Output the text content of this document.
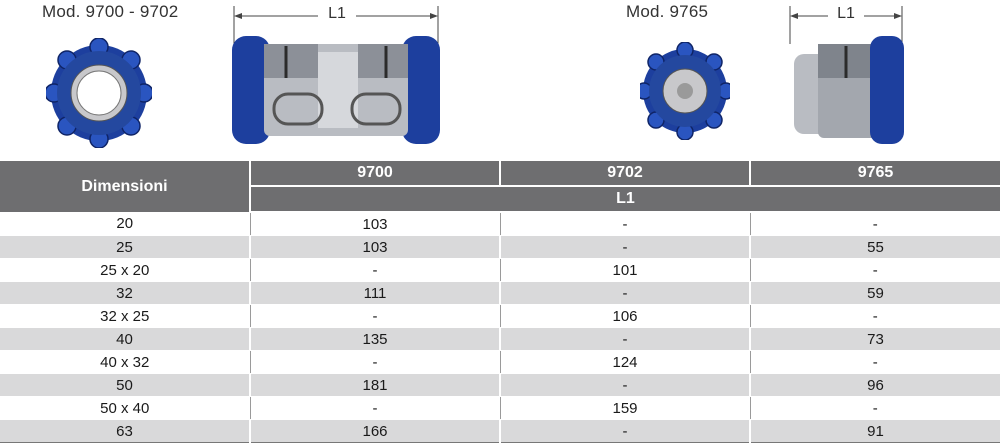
Mod. 9700 - 9702	Mod. 9765
L1	L1
Dimensioni	9700	9702	9765
	L1		
20	103	-	-
25	103	-	55
25 x 20	-	101	-
32	111	-	59
32 x 25	-	106	-
40	135	-	73
40 x 32	-	124	-
50	181	-	96
50 x 40	-	159	-
63	166	-	91
